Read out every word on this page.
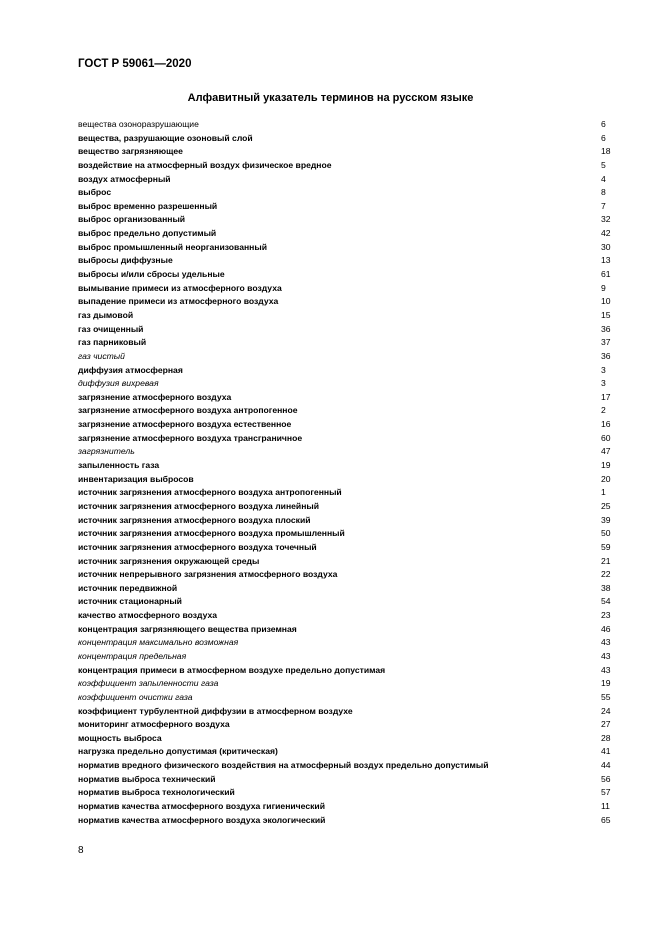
ГОСТ Р 59061—2020
Алфавитный указатель терминов на русском языке
вещества озоноразрушающие	6
вещества, разрушающие озоновый слой	6
вещество загрязняющее	18
воздействие на атмосферный воздух физическое вредное	5
воздух атмосферный	4
выброс	8
выброс временно разрешенный	7
выброс организованный	32
выброс предельно допустимый	42
выброс промышленный неорганизованный	30
выбросы диффузные	13
выбросы и/или сбросы удельные	61
вымывание примеси из атмосферного воздуха	9
выпадение примеси из атмосферного воздуха	10
газ дымовой	15
газ очищенный	36
газ парниковый	37
газ чистый	36
диффузия атмосферная	3
диффузия вихревая	3
загрязнение атмосферного воздуха	17
загрязнение атмосферного воздуха антропогенное	2
загрязнение атмосферного воздуха естественное	16
загрязнение атмосферного воздуха трансграничное	60
загрязнитель	47
запыленность газа	19
инвентаризация выбросов	20
источник загрязнения атмосферного воздуха антропогенный	1
источник загрязнения атмосферного воздуха линейный	25
источник загрязнения атмосферного воздуха плоский	39
источник загрязнения атмосферного воздуха промышленный	50
источник загрязнения атмосферного воздуха точечный	59
источник загрязнения окружающей среды	21
источник непрерывного загрязнения атмосферного воздуха	22
источник передвижной	38
источник стационарный	54
качество атмосферного воздуха	23
концентрация загрязняющего вещества приземная	46
концентрация максимально возможная	43
концентрация предельная	43
концентрация примеси в атмосферном воздухе предельно допустимая	43
коэффициент запыленности газа	19
коэффициент очистки газа	55
коэффициент турбулентной диффузии в атмосферном воздухе	24
мониторинг атмосферного воздуха	27
мощность выброса	28
нагрузка предельно допустимая (критическая)	41
норматив вредного физического воздействия на атмосферный воздух предельно допустимый	44
норматив выброса технический	56
норматив выброса технологический	57
норматив качества атмосферного воздуха гигиенический	11
норматив качества атмосферного воздуха экологический	65
8
